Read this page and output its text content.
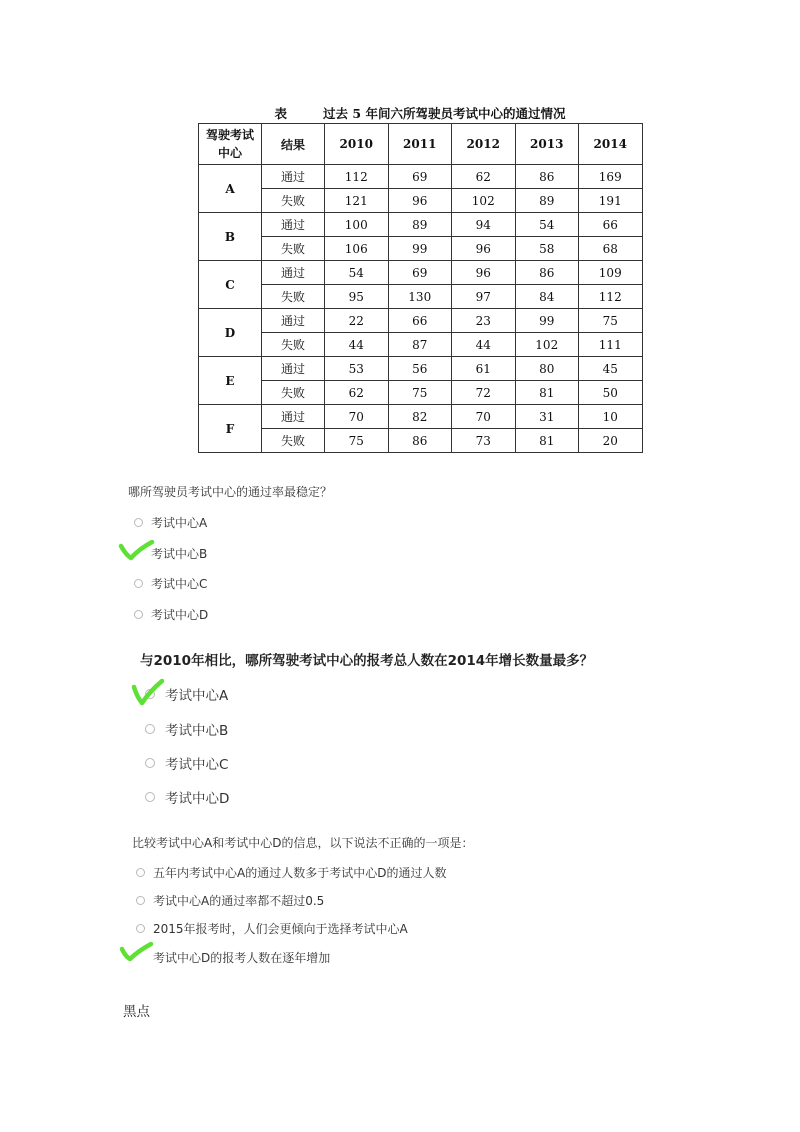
表	过去 5 年间六所驾驶员考试中心的通过情况
驾驶考试
中心	结果	2010	2011	2012	2013	2014
A	通过	112	69	62	86	169
	失败	121	96	102	89	191
B	通过	100	89	94	54	66
	失败	106	99	96	58	68
C	通过	54	69	96	86	109
	失败	95	130	97	84	112
D	通过	22	66	23	99	75
	失败	44	87	44	102	111
E	通过	53	56	61	80	45
	失败	62	75	72	81	50
F	通过	70	82	70	31	10
	失败	75	86	73	81	20
哪所驾驶员考试中心的通过率最稳定？
考试中心A
考试中心B
考试中心C
考试中心D
与2010年相比，哪所驾驶考试中心的报考总人数在2014年增长数量最多？
考试中心A
考试中心B
考试中心C
考试中心D
比较考试中心A和考试中心D的信息，以下说法不正确的一项是：
五年内考试中心A的通过人数多于考试中心D的通过人数
考试中心A的通过率都不超过0.5
2015年报考时，人们会更倾向于选择考试中心A
考试中心D的报考人数在逐年增加
黑点
